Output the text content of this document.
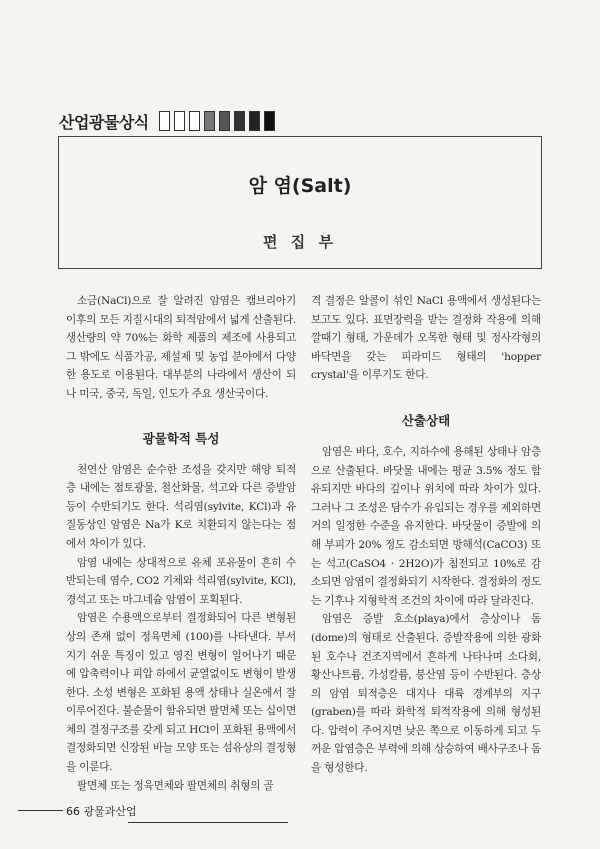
산업광물상식
암 염(Salt)
편 집 부

소금(NaCl)으로 잘 알려진 암염은 캠브리아기 이후의 모든 지질시대의 퇴적암에서 넓게 산출된다. 생산량의 약 70%는 화학 제품의 제조에 사용되고 그 밖에도 식품가공, 제설제 및 농업 분야에서 다양한 용도로 이용된다. 대부분의 나라에서 생산이 되나 미국, 중국, 독일, 인도가 주요 생산국이다.

광물학적 특성

천연산 암염은 순수한 조성을 갖지만 해양 퇴적층 내에는 점토광물, 철산화물, 석고와 다른 증발암 등이 수반되기도 한다. 석리염(sylvite, KCl)과 유질동상인 암염은 Na가 K로 치환되지 않는다는 점에서 차이가 있다.

암염 내에는 상대적으로 유체 포유물이 흔히 수반되는데 염수, CO2 기체와 석리염(sylvite, KCl), 경석고 또는 마그네슘 암염이 포획된다.

암염은 수용액으로부터 결정화되어 다른 변형된 상의 존재 없이 정육면체 (100)를 나타낸다. 부서지기 쉬운 특징이 있고 영진 변형이 일어나기 때문에 압축력이나 피압 하에서 균열없이도 변형이 발생한다. 소성 변형은 포화된 용액 상태나 실온에서 잘 이루어진다. 불순물이 함유되면 팔면체 또는 십이면체의 결정구조를 갖게 되고 HCl이 포화된 용액에서 결정화되면 신장된 바늘 모양 또는 섬유상의 결정형을 이룬다.

팔면체 또는 정육면체와 팔면체의 취형의 골

격 결정은 알콜이 섞인 NaCl 용액에서 생성된다는 보고도 있다. 표면장력을 받는 결정화 작용에 의해 깔때기 형태, 가운데가 오목한 형태 및 정사각형의 바닥면을 갖는 피라미드 형태의 'hopper crystal'을 이루기도 한다.

산출상태

암염은 바다, 호수, 지하수에 용해된 상태나 암층으로 산출된다. 바닷물 내에는 평균 3.5% 정도 함유되지만 바다의 깊이나 위치에 따라 차이가 있다. 그러나 그 조성은 담수가 유입되는 경우를 제외하면 거의 일정한 수준을 유지한다. 바닷물이 증발에 의해 부피가 20% 정도 감소되면 방해석(CaCO3) 또는 석고(CaSO4 · 2H2O)가 침전되고 10%로 감소되면 암염이 결정화되기 시작한다. 결정화의 정도는 기후나 지형학적 조건의 차이에 따라 달라진다.

암염은 증발 호소(playa)에서 층상이나 돔(dome)의 형태로 산출된다. 증발작용에 의한 광화된 호수나 건조지역에서 흔하게 나타나며 소다회, 황산나트륨, 가성칼륨, 붕산염 등이 수반된다. 층상의 암염 퇴적층은 대지나 대륙 경계부의 지구(graben)를 따라 화학적 퇴적작용에 의해 형성된다. 압력이 주어지면 낮은 쪽으로 이동하게 되고 두꺼운 압염층은 부력에 의해 상승하여 배사구조나 돔을 형성한다.

66 광물과산업
